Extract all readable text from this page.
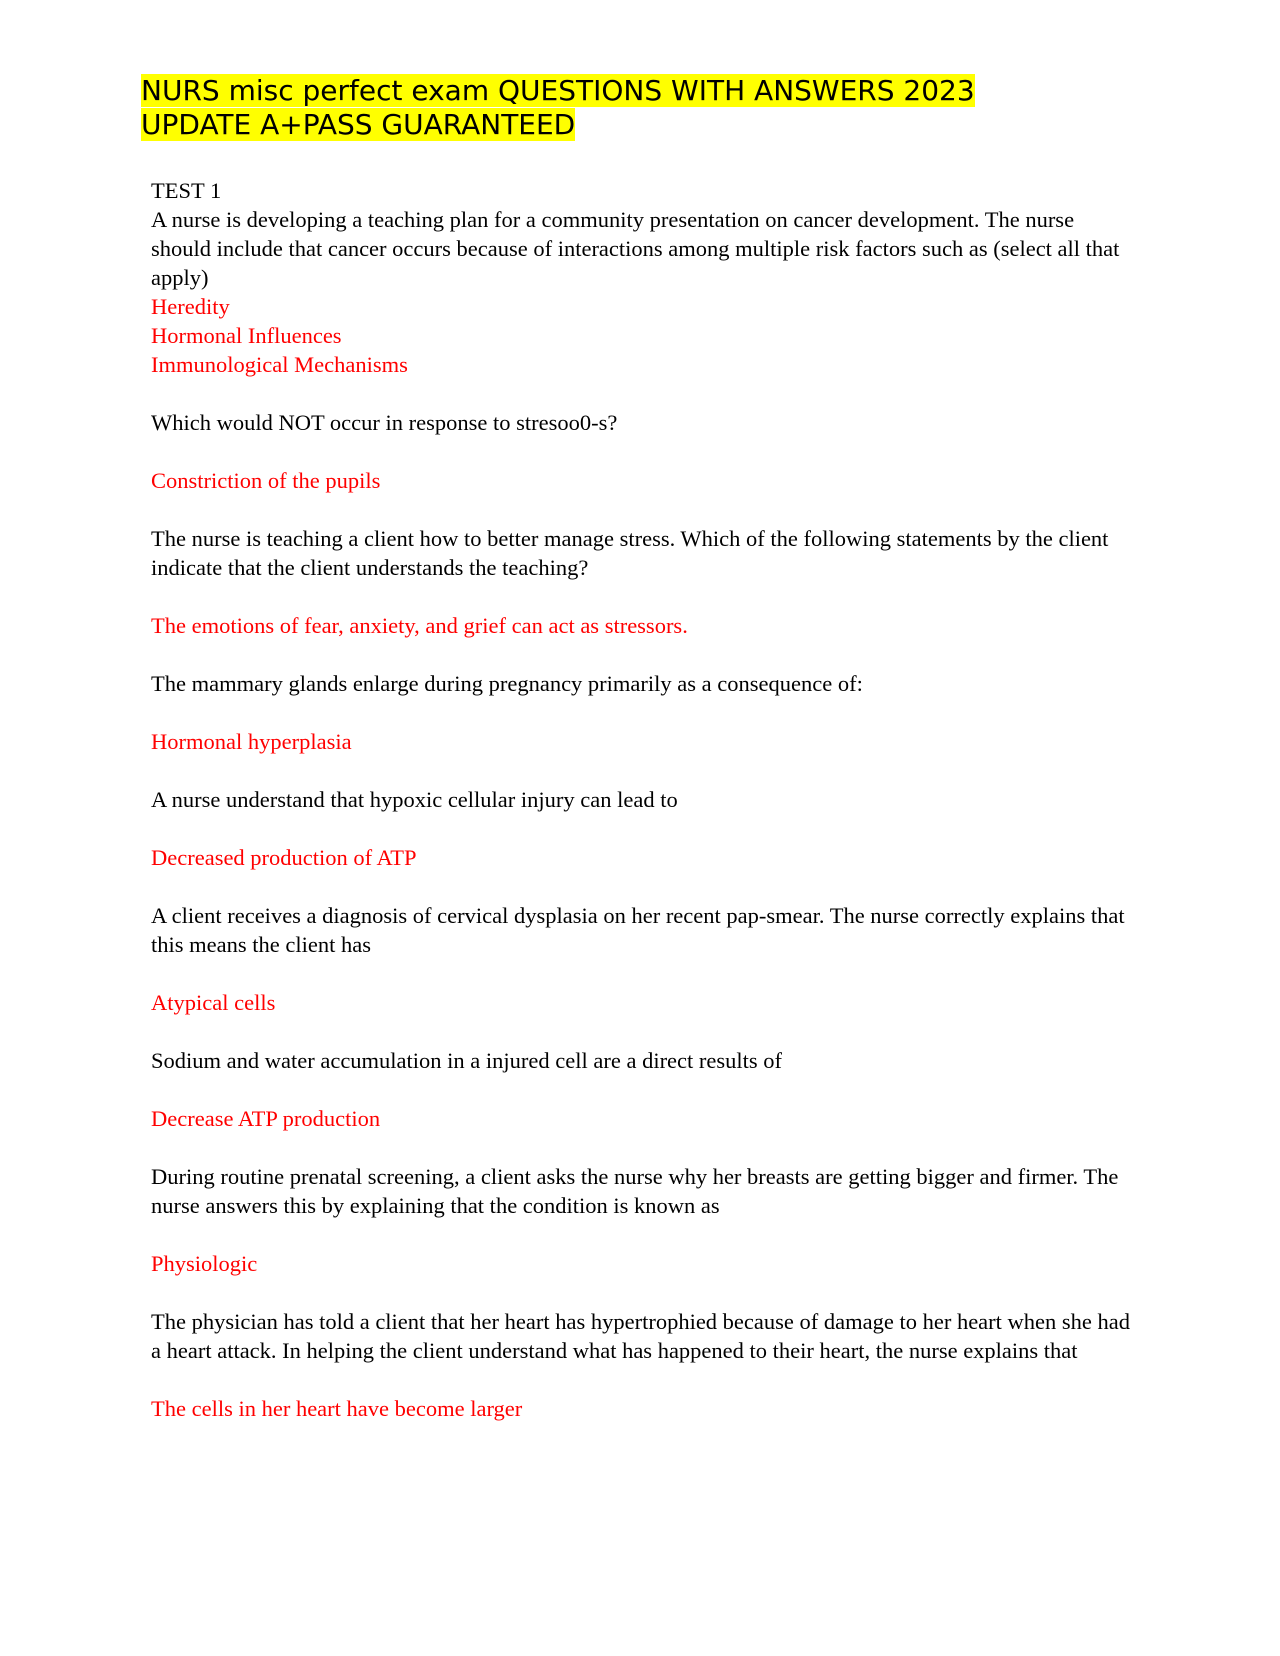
NURS misc perfect exam QUESTIONS WITH ANSWERS 2023
UPDATE A+PASS GUARANTEED

TEST 1

A nurse is developing a teaching plan for a community presentation on cancer development. The nurse should include that cancer occurs because of interactions among multiple risk factors such as (select all that apply)

Heredity

Hormonal Influences

Immunological Mechanisms

Which would NOT occur in response to stresoo0-s?

Constriction of the pupils

The nurse is teaching a client how to better manage stress. Which of the following statements by the client indicate that the client understands the teaching?

The emotions of fear, anxiety, and grief can act as stressors.

The mammary glands enlarge during pregnancy primarily as a consequence of:

Hormonal hyperplasia

A nurse understand that hypoxic cellular injury can lead to

Decreased production of ATP

A client receives a diagnosis of cervical dysplasia on her recent pap-smear. The nurse correctly explains that this means the client has

Atypical cells

Sodium and water accumulation in a injured cell are a direct results of

Decrease ATP production

During routine prenatal screening, a client asks the nurse why her breasts are getting bigger and firmer. The nurse answers this by explaining that the condition is known as

Physiologic

The physician has told a client that her heart has hypertrophied because of damage to her heart when she had a heart attack. In helping the client understand what has happened to their heart, the nurse explains that

The cells in her heart have become larger
